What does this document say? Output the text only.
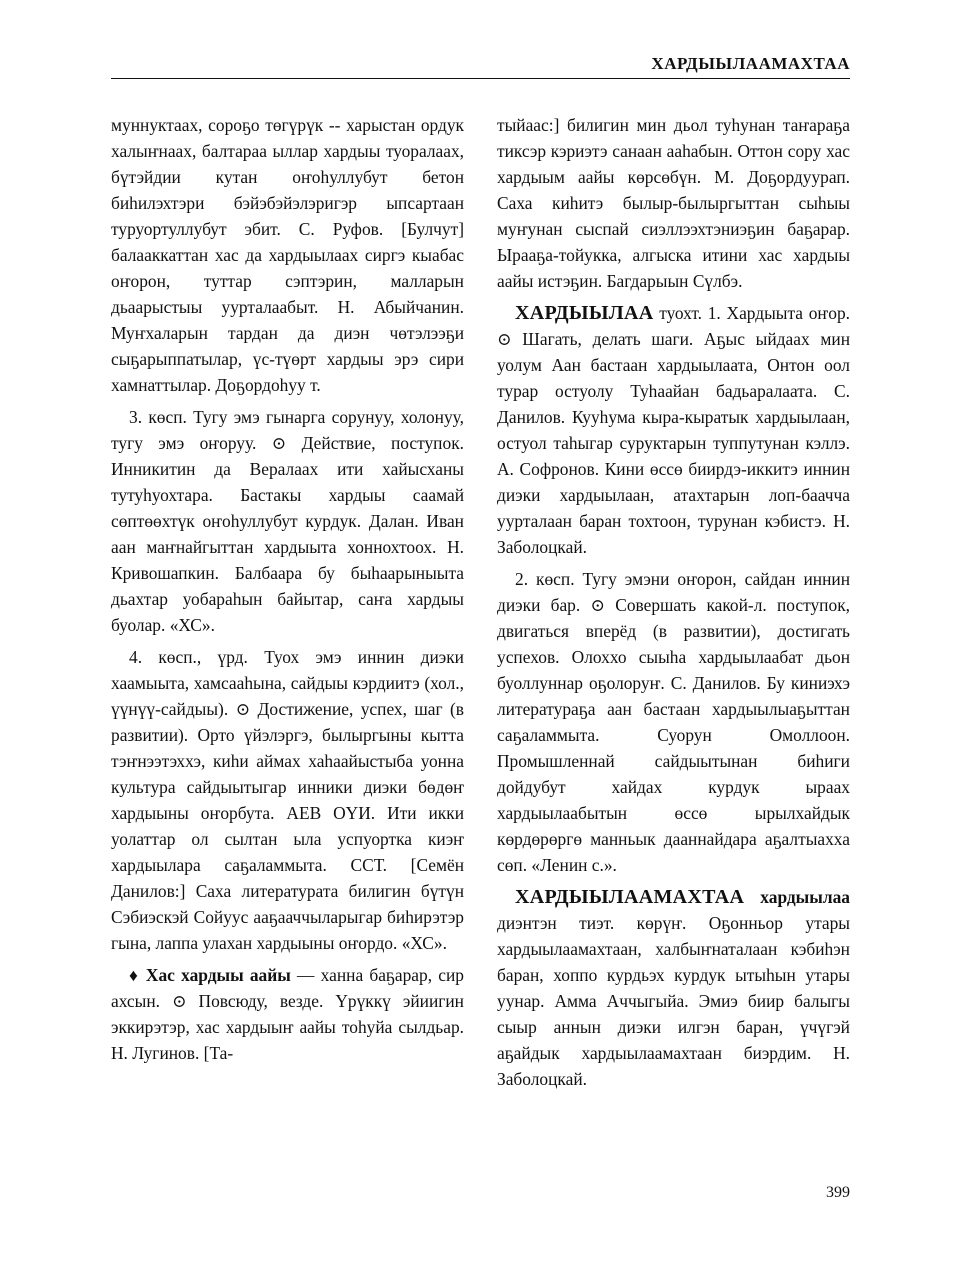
ХАРДЫЫЛААМАХТАА

муннуктаах, сороҕо төгүрүк -- харыстан ордук халыҥнаах, балтараа ыллар хардыы туоралаах, бүтэйдии кутан оҥоһуллубут бетон биһилэхтэри бэйэбэйэлэригэр ыпсартаан туруортуллубут эбит. С. Руфов. [Булчут] балааккаттан хас да хардыылаах сиргэ кыабас оҥорон, туттар сэптэрин, малларын дьаарыстыы уурталаабыт. Н. Абыйчанин. Муҥхаларын тардан да диэн чөтэлээҕи сыҕарыппатылар, үс-түөрт хардыы эрэ сири хамнаттылар. Доҕордоһуу т.

3. көсп. Тугу эмэ гынарга сорунуу, холонуу, тугу эмэ оҥоруу. ⊙ Действие, поступок. Инникитин да Вералаах ити хайысханы тутуһуохтара. Бастакы хардыы саамай сөптөөхтүк оҥоһуллубут курдук. Далан. Иван аан маҥнайгыттан хардыыта хоннохтоох. Н. Кривошапкин. Балбаара бу быһаарыныыта дьахтар уобараһын байытар, саҥа хардыы буолар. «ХС».

4. көсп., үрд. Туох эмэ иннин диэки хаамыыта, хамсааһына, сайдыы кэрдиитэ (хол., үүнүү-сайдыы). ⊙ Достижение, успех, шаг (в развитии). Орто үйэлэргэ, былыргыны кытта тэҥнээтэххэ, киһи аймах хаһаайыстыба уонна культура сайдыытыгар инники диэки бөдөҥ хардыыны оҥорбута. АЕВ ОҮИ. Ити икки уолаттар ол сылтан ыла успуортка киэҥ хардыылара саҕаламмыта. ССТ. [Семён Данилов:] Саха литературата билигин бүтүн Сэбиэскэй Сойуус ааҕааччыларыгар биһирэтэр гына, лаппа улахан хардыыны оҥордо. «ХС».

♦ Хас хардыы аайы — ханна баҕарар, сир ахсын. ⊙ Повсюду, везде. Үрүккү эйиигин эккирэтэр, хас хардыыҥ аайы тоһуйа сылдьар. Н. Лугинов. [Та-

тыйаас:] билигин мин дьол туһунан таҥараҕа тиксэр кэриэтэ санаан ааһабын. Оттон сору хас хардыым аайы көрсөбүн. М. Доҕордуурап. Саха киһитэ былыр-былыргыттан сыһыы муҥунан сыспай сиэллээхтэниэҕин баҕарар. Ырааҕа-тойукка, алгыска итини хас хардыы аайы истэҕин. Багдарыын Сүлбэ.

ХАРДЫЫЛАА туохт. 1. Хардыыта оҥор. ⊙ Шагать, делать шаги. Аҕыс ыйдаах мин уолум Аан бастаан хардыылаата, Онтон оол турар остуолу Туһаайан бадьаралаата. С. Данилов. Кууһума кыра-кыратык хардыылаан, остуол таһыгар суруктарын туппутунан кэллэ. А. Софронов. Кини өссө биирдэ-иккитэ иннин диэки хардыылаан, атахтарын лоп-баачча уурталаан баран тохтоон, турунан кэбистэ. Н. Заболоцкай.

2. көсп. Тугу эмэни оҥорон, сайдан иннин диэки бар. ⊙ Совершать какой-л. поступок, двигаться вперёд (в развитии), достигать успехов. Олоххо сыыһа хардыылаабат дьон буоллуннар оҕолоруҥ. С. Данилов. Бу киниэхэ литератураҕа аан бастаан хардыылыаҕыттан саҕаламмыта. Суорун Омоллоон. Промышленнай сайдыытынан биһиги дойдубут хайдах курдук ыраах хардыылаабытын өссө ырылхайдык көрдөрөргө манньык дааннайдара аҕалтыахха сөп. «Ленин с.».

ХАРДЫЫЛААМАХТАА хардыылаа диэнтэн тиэт. көрүҥ. Оҕонньор утары хардыылаамахтаан, халбыҥнаталаан кэбиһэн баран, хоппо курдьэх курдук ытыһын утары уунар. Амма Аччыгыйа. Эмиэ биир балыгы сыыр аннын диэки илгэн баран, үчүгэй аҕайдык хардыылаамахтаан биэрдим. Н. Заболоцкай.

399
